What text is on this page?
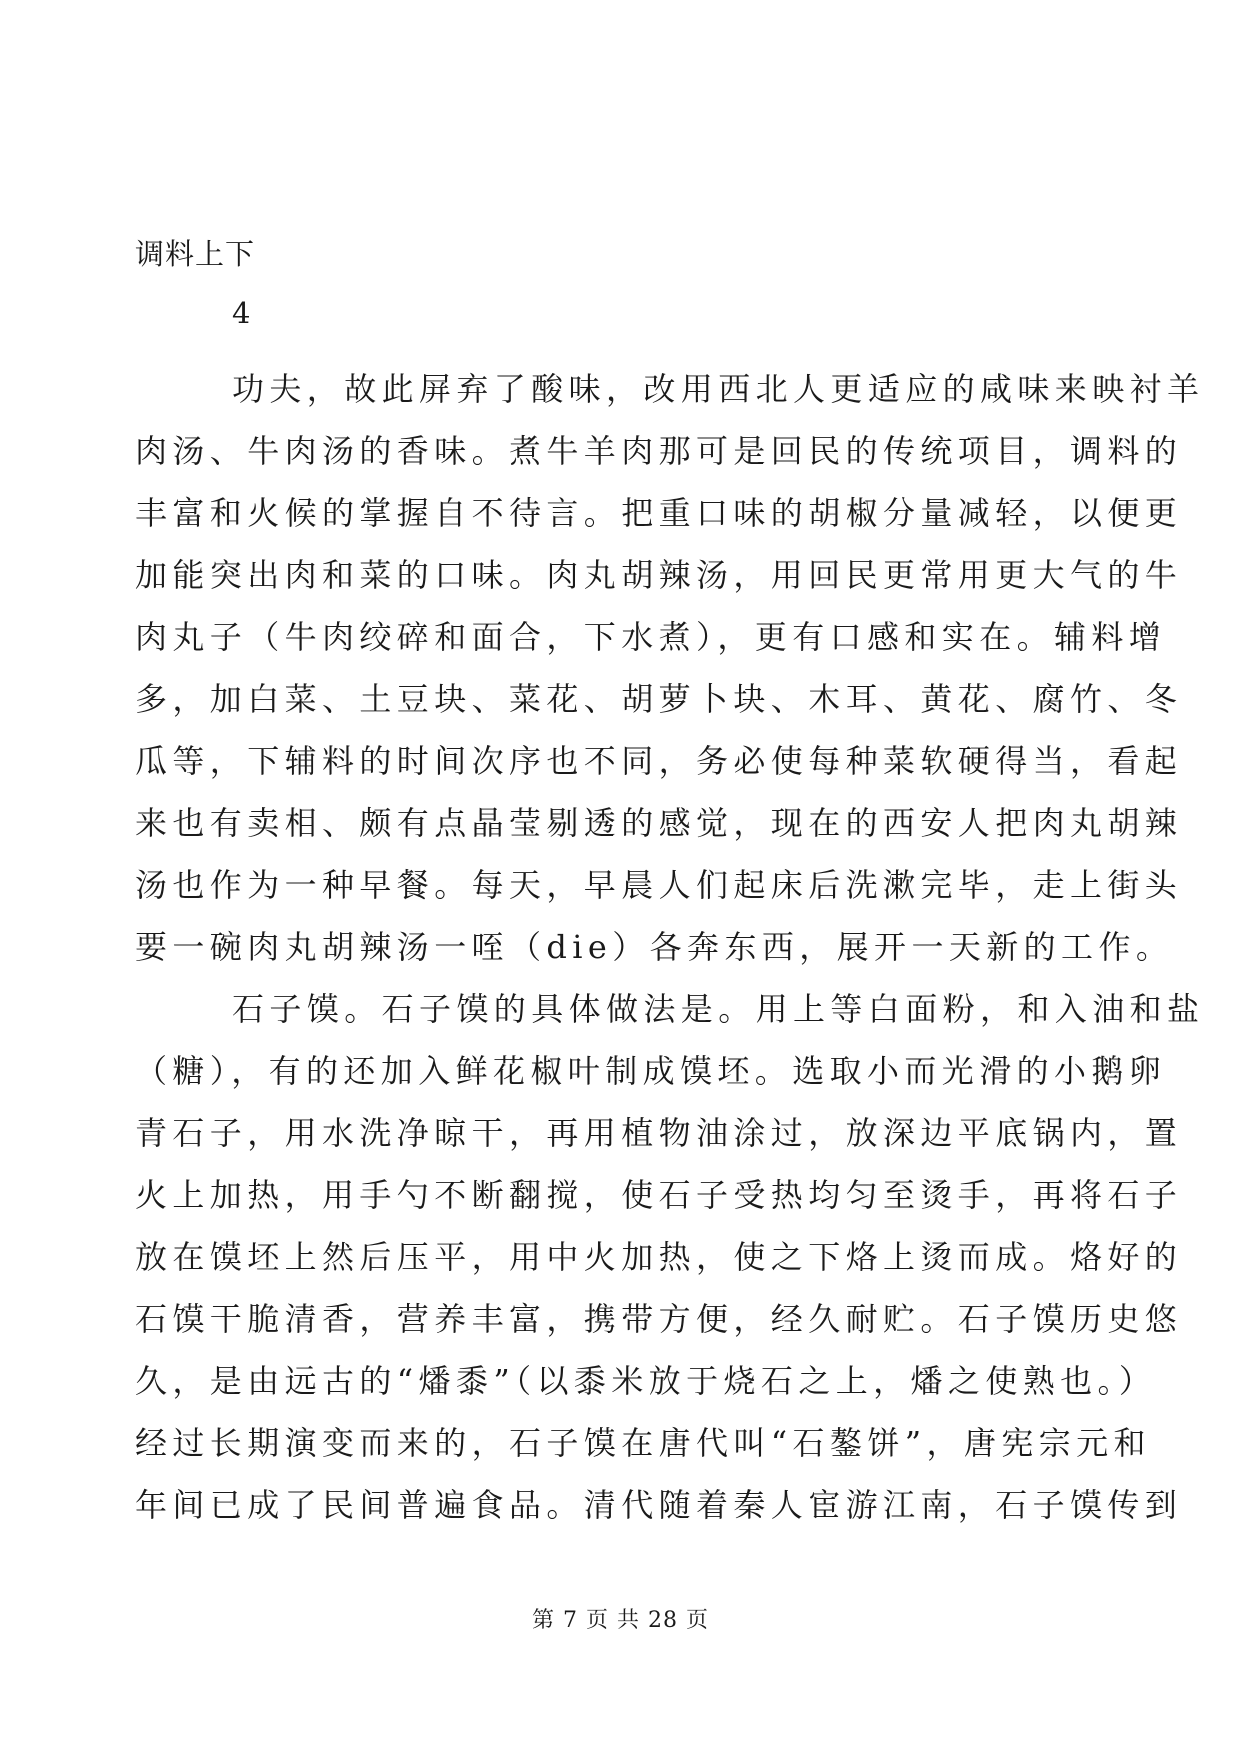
调料上下
4
功夫，故此屏弃了酸味，改用西北人更适应的咸味来映衬羊
肉汤、牛肉汤的香味。煮牛羊肉那可是回民的传统项目，调料的
丰富和火候的掌握自不待言。把重口味的胡椒分量减轻，以便更
加能突出肉和菜的口味。肉丸胡辣汤，用回民更常用更大气的牛
肉丸子（牛肉绞碎和面合，下水煮），更有口感和实在。辅料增
多，加白菜、土豆块、菜花、胡萝卜块、木耳、黄花、腐竹、冬
瓜等，下辅料的时间次序也不同，务必使每种菜软硬得当，看起
来也有卖相、颇有点晶莹剔透的感觉，现在的西安人把肉丸胡辣
汤也作为一种早餐。每天，早晨人们起床后洗漱完毕，走上街头
要一碗肉丸胡辣汤一咥（die）各奔东西，展开一天新的工作。
石子馍。石子馍的具体做法是。用上等白面粉，和入油和盐
（糖），有的还加入鲜花椒叶制成馍坯。选取小而光滑的小鹅卵
青石子，用水洗净晾干，再用植物油涂过，放深边平底锅内，置
火上加热，用手勺不断翻搅，使石子受热均匀至烫手，再将石子
放在馍坯上然后压平，用中火加热，使之下烙上烫而成。烙好的
石馍干脆清香，营养丰富，携带方便，经久耐贮。石子馍历史悠
久，是由远古的“燔黍”（以黍米放于烧石之上，燔之使熟也。）
经过长期演变而来的，石子馍在唐代叫“石鏊饼”，唐宪宗元和
年间已成了民间普遍食品。清代随着秦人宦游江南，石子馍传到
第 7 页 共 28 页
